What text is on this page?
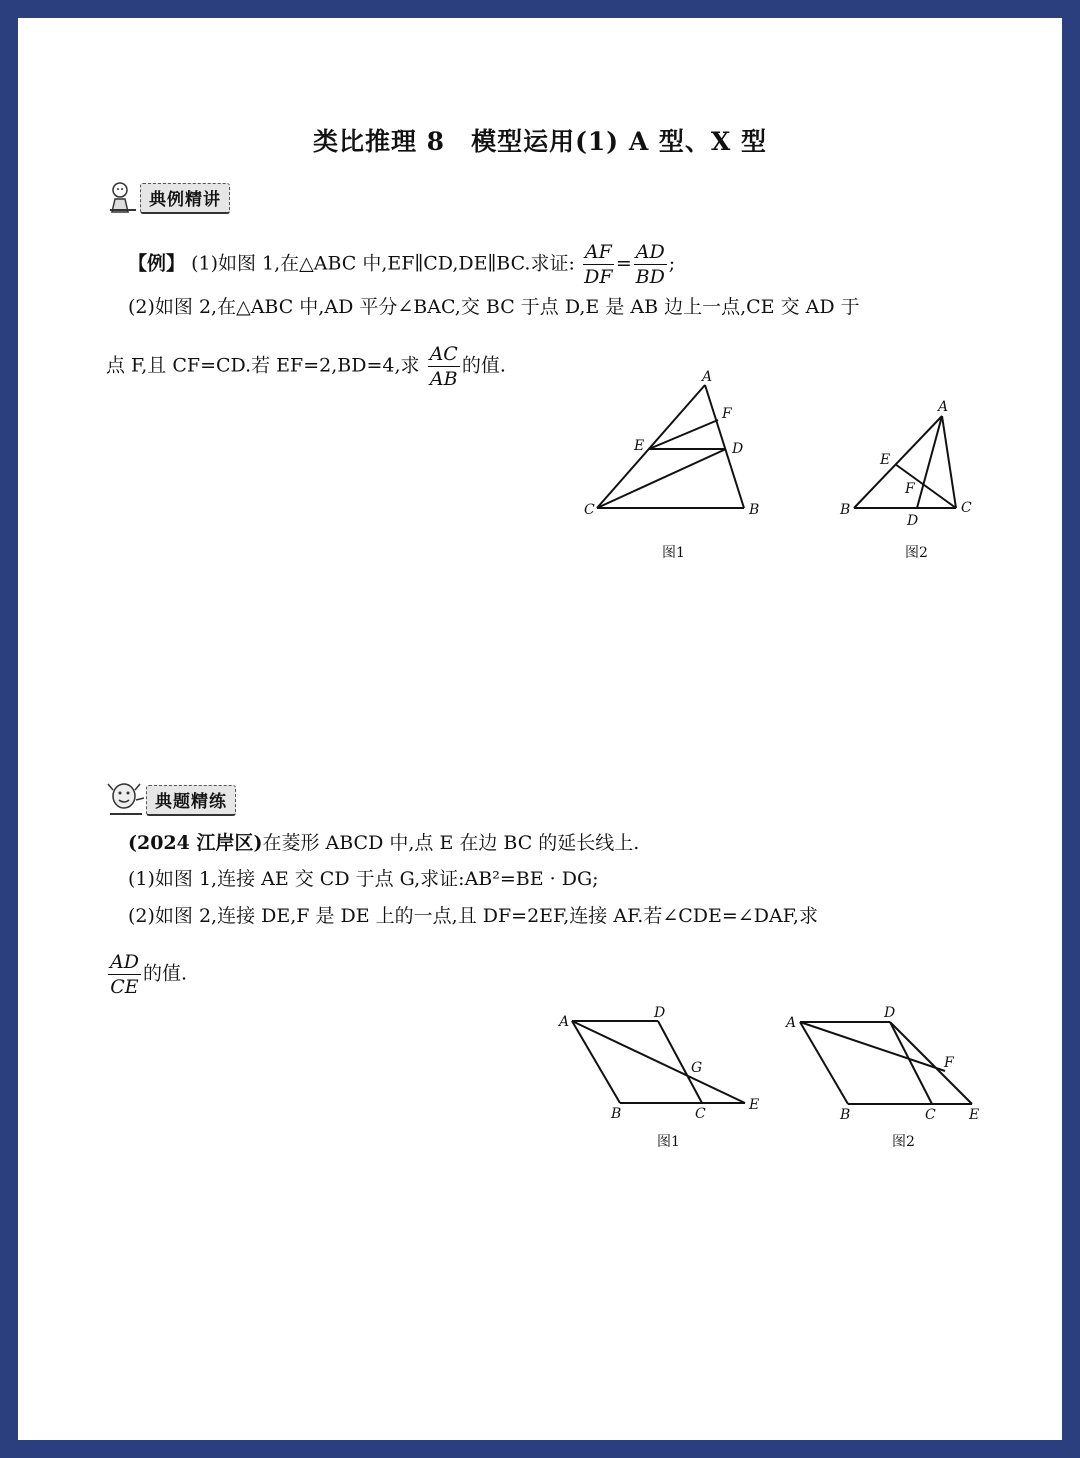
类比推理 8　模型运用(1) A 型、X 型
典例精讲
【例】 (1)如图 1,在△ABC 中,EF∥CD,DE∥BC.求证: $\frac{AF}{DF} = \frac{AD}{BD}$ ;
(2)如图 2,在△ABC 中,AD 平分∠BAC,交 BC 于点 D,E 是 AB 边上一点,CE 交 AD 于
点 F,且 CF=CD.若 EF=2,BD=4,求 $\frac{AC}{AB}$ 的值.
A
F
E	D
C	B
图1
A
E
F
B
D
C
图2
典题精练
(2024 江岸区)在菱形 ABCD 中,点 E 在边 BC 的延长线上.
(1)如图 1,连接 AE 交 CD 于点 G,求证:AB²=BE · DG;
(2)如图 2,连接 DE,F 是 DE 上的一点,且 DF=2EF,连接 AF.若∠CDE=∠DAF,求
$\frac{AD}{CE}$ 的值.
A
D
G
B	C
E
图1
A
D
F
B	C E
图2
